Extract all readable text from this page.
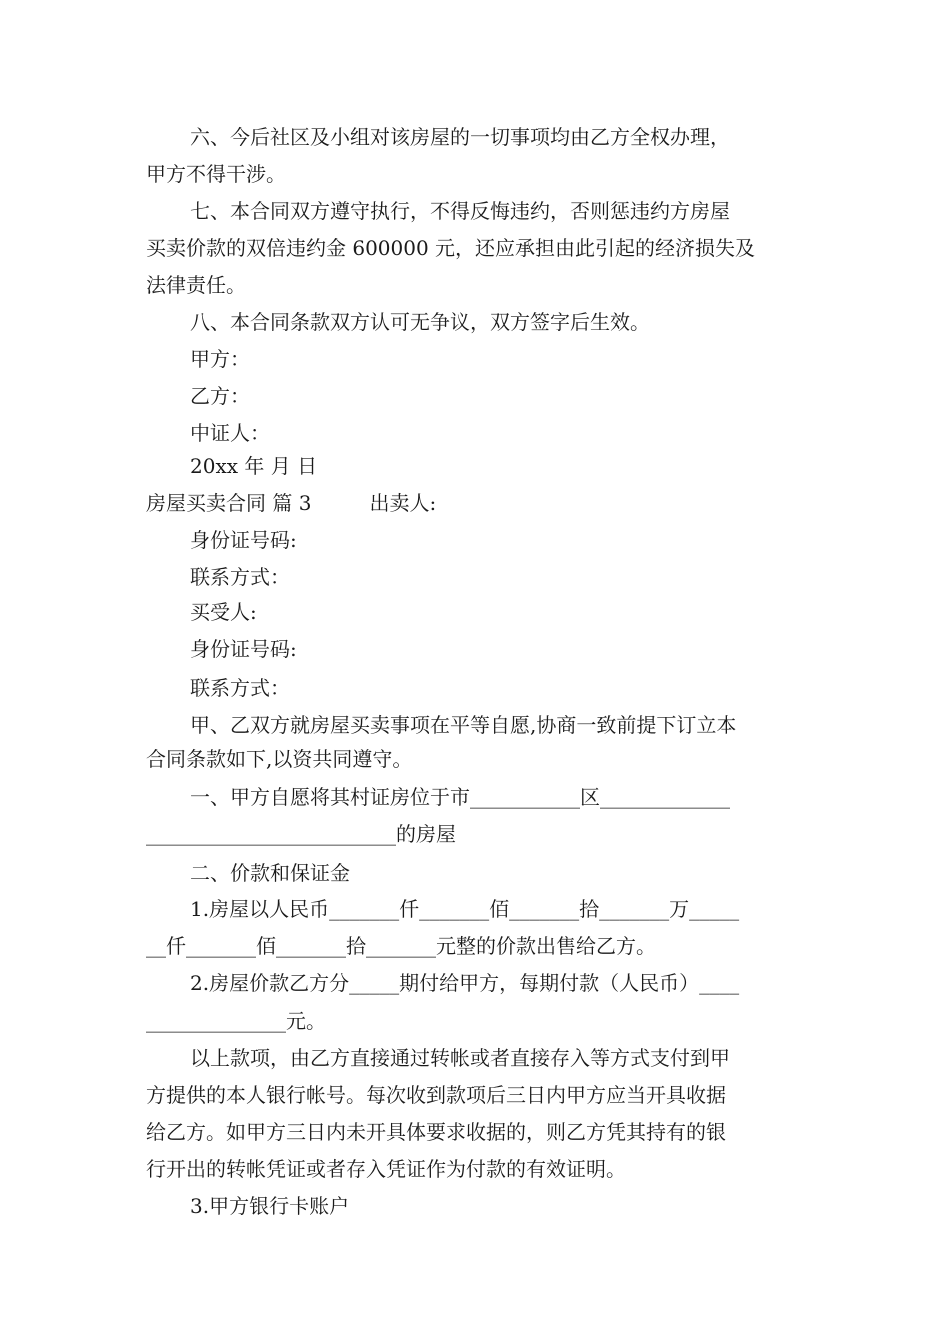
六、今后社区及小组对该房屋的一切事项均由乙方全权办理，
甲方不得干涉。
七、本合同双方遵守执行，不得反悔违约，否则惩违约方房屋
买卖价款的双倍违约金 600000 元，还应承担由此引起的经济损失及
法律责任。
八、本合同条款双方认可无争议，双方签字后生效。
甲方：
乙方：
中证人：
20xx 年 月 日
房屋买卖合同 篇 3	出卖人:
身份证号码:
联系方式：
买受人:
身份证号码:
联系方式：
甲、乙双方就房屋买卖事项在平等自愿,协商一致前提下订立本
合同条款如下,以资共同遵守。
一、甲方自愿将其村证房位于市___________区_____________
_________________________的房屋
二、价款和保证金
1.房屋以人民币_______仟_______佰_______拾_______万_____
__仟_______佰_______拾_______元整的价款出售给乙方。
2.房屋价款乙方分_____期付给甲方，每期付款（人民币）____
______________元。
以上款项，由乙方直接通过转帐或者直接存入等方式支付到甲
方提供的本人银行帐号。每次收到款项后三日内甲方应当开具收据
给乙方。如甲方三日内未开具体要求收据的，则乙方凭其持有的银
行开出的转帐凭证或者存入凭证作为付款的有效证明。
3.甲方银行卡账户
